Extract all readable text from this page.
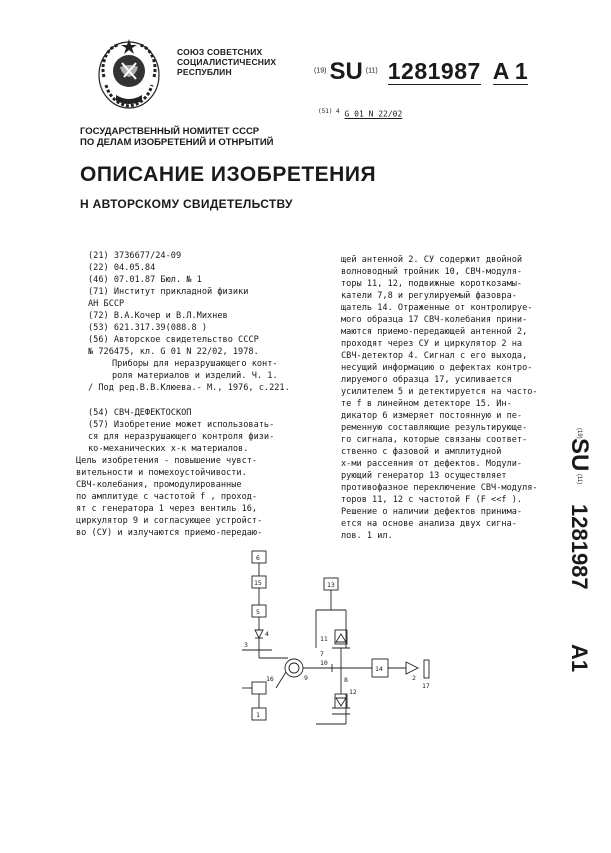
СОЮЗ СОВЕТСНИХ
СОЦИАЛИСТИЧЕСНИХ
РЕСПУБЛИН	$^{(19)}$ SU $^{(11)}$ 1281987 A 1
$^{(51) 4}$ G 01 N 22/02
ГОСУДАРСТВЕННЫЙ НОМИТЕТ СССР
ПО ДЕЛАМ ИЗОБРЕТЕНИЙ И ОТНРЫТИЙ
ОПИСАНИЕ ИЗОБРЕТЕНИЯ
Н АВТОРСКОМУ СВИДЕТЕЛЬСТВУ
(21) 3736677/24-09
(22) 04.05.84
(46) 07.01.87 Бюл. № 1
(71) Институт прикладной физики
АН БССР
(72) В.А.Кочер и В.Л.Михнев
(53) 621.317.39(088.8 )
(56) Авторское свидетельство СССР
№ 726475, кл. G 01 N 22/02, 1978.
Приборы для неразрушающего конт-
роля материалов и изделий. Ч. 1.
/ Под ред.В.В.Клюева.- М., 1976, с.221.
(54) СВЧ-ДЕФЕКТОСКОП
(57) Изобретение может использовать-
ся для неразрушающего контроля физи-
ко-механических х-к материалов.
Цель изобретения - повышение чувст-
вительности и помехоустойчивости.
СВЧ-колебания, промодулированные
по амплитуде с частотой f , проход-
ят с генератора 1 через вентиль 16,
циркулятор 9 и согласующее устройст-
во (СУ) и излучаются приемо-передаю-
щей антенной 2. СУ содержит двойной
волноводный тройник 10, СВЧ-модуля-
торы 11, 12, подвижные короткозамы-
катели 7,8 и регулируемый фазовра-
щатель 14. Отраженные от контролируе-
мого образца 17 СВЧ-колебания прини-
маются приемо-передающей антенной 2,
проходят через СУ и циркулятор 2 на
СВЧ-детектор 4. Сигнал с его выхода,
несущий информацию о дефектах контро-
лируемого образца 17, усиливается
усилителем 5 и детектируется на часто-
те f в линейном детекторе 15. Ин-
дикатор 6 измеряет постоянную и пе-
ременную составляющие результирующе-
го сигнала, которые связаны соответ-
ственно с фазовой и амплитудной
х-ми рассеяния от дефектов. Модули-
рующий генератор 13 осуществляет
противофазное переключение СВЧ-модуля-
торов 11, 12 с частотой F (F <<f ).
Решение о наличии дефектов принима-
ется на основе анализа двух сигна-
лов. 1 ил.
(19)
SU
(11)
1281987
A1
6
15
5
4
3
9
16
1
13
11
10
7
12
8
14
2
17
